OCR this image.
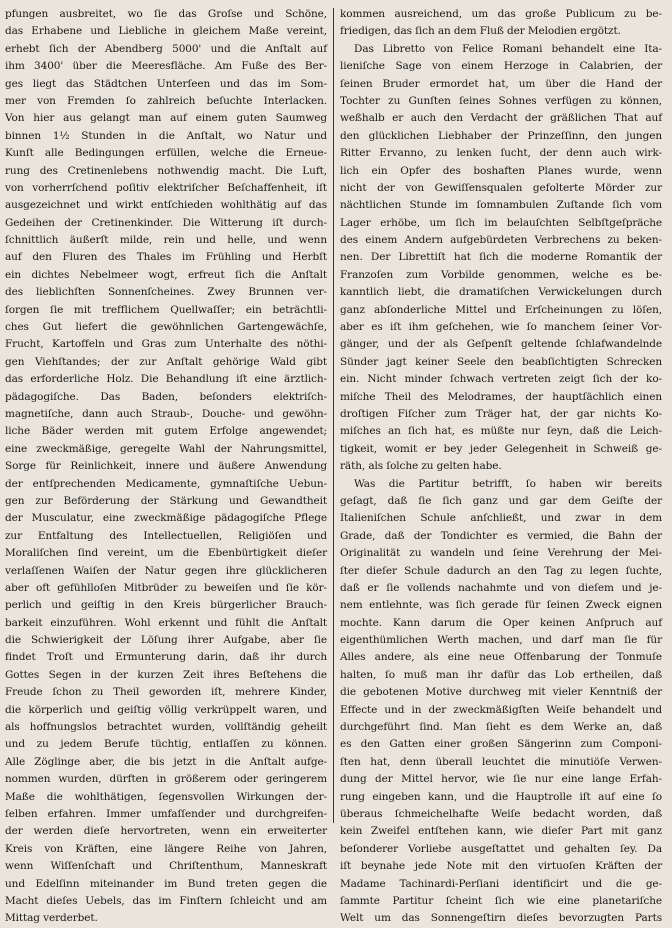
pfungen ausbreitet, wo ſie das Groſse und Schöne,
das Erhabene und Liebliche in gleichem Maße vereint,
erhebt ſich der Abendberg 5000' und die Anſtalt auf
ihm 3400' über die Meeresfläche. Am Fuße des Ber-
ges liegt das Städtchen Unterſeen und das im Som-
mer von Fremden ſo zahlreich beſuchte Interlacken.
Von hier aus gelangt man auf einem guten Saumweg
binnen 1½ Stunden in die Anſtalt, wo Natur und
Kunſt alle Bedingungen erfüllen, welche die Erneue-
rung des Cretinenlebens nothwendig macht. Die Luft,
von vorherrſchend poſitiv elektriſcher Beſchaffenheit, iſt
ausgezeichnet und wirkt entſchieden wohlthätig auf das
Gedeihen der Cretinenkinder. Die Witterung iſt durch-
ſchnittlich äußerſt milde, rein und helle, und wenn
auf den Fluren des Thales im Frühling und Herbſt
ein dichtes Nebelmeer wogt, erfreut ſich die Anſtalt
des lieblichſten Sonnenſcheines. Zwey Brunnen ver-
ſorgen ſie mit trefflichem Quellwaſſer; ein beträchtli-
ches Gut liefert die gewöhnlichen Gartengewächſe,
Frucht, Kartoffeln und Gras zum Unterhalte des nöthi-
gen Viehſtandes; der zur Anſtalt gehörige Wald gibt
das erforderliche Holz. Die Behandlung iſt eine ärztlich-
pädagogiſche. Das Baden, beſonders elektriſch-
magnetiſche, dann auch Straub-, Douche- und gewöhn-
liche Bäder werden mit gutem Erfolge angewendet;
eine zweckmäßige, geregelte Wahl der Nahrungsmittel,
Sorge für Reinlichkeit, innere und äußere Anwendung
der entſprechenden Medicamente, gymnaſtiſche Uebun-
gen zur Beförderung der Stärkung und Gewandtheit
der Musculatur, eine zweckmäßige pädagogiſche Pflege
zur Entfaltung des Intellectuellen, Religiöſen und
Moraliſchen ſind vereint, um die Ebenbürtigkeit dieſer
verlaſſenen Waiſen der Natur gegen ihre glücklicheren
aber oft gefühlloſen Mitbrüder zu beweiſen und ſie kör-
perlich und geiſtig in den Kreis bürgerlicher Brauch-
barkeit einzuführen. Wohl erkennt und fühlt die Anſtalt
die Schwierigkeit der Löſung ihrer Aufgabe, aber ſie
findet Troſt und Ermunterung darin, daß ihr durch
Gottes Segen in der kurzen Zeit ihres Beſtehens die
Freude ſchon zu Theil geworden iſt, mehrere Kinder,
die körperlich und geiſtig völlig verkrüppelt waren, und
als hoffnungslos betrachtet wurden, vollſtändig geheilt
und zu jedem Berufe tüchtig, entlaſſen zu können.
Alle Zöglinge aber, die bis jetzt in die Anſtalt aufge-
nommen wurden, dürften in größerem oder geringerem
Maße die wohlthätigen, ſegensvollen Wirkungen der-
ſelben erfahren. Immer umfaſſender und durchgreifen-
der werden dieſe hervortreten, wenn ein erweiterter
Kreis von Kräften, eine längere Reihe von Jahren,
wenn Wiſſenſchaft und Chriſtenthum, Manneskraft
und Edelſinn miteinander im Bund treten gegen die
Macht dieſes Uebels, das im Finſtern ſchleicht und am
Mittag verderbet.
kommen ausreichend, um das große Publicum zu be-
friedigen, das ſich an dem Fluß der Melodien ergötzt.
Das Libretto von Felice Romani behandelt eine Ita-
lieniſche Sage von einem Herzoge in Calabrien, der
ſeinen Bruder ermordet hat, um über die Hand der
Tochter zu Gunſten ſeines Sohnes verfügen zu können,
weßhalb er auch den Verdacht der gräßlichen That auf
den glücklichen Liebhaber der Prinzeſſinn, den jungen
Ritter Ervanno, zu lenken ſucht, der denn auch wirk-
lich ein Opfer des boshaften Planes wurde, wenn
nicht der von Gewiſſensqualen gefolterte Mörder zur
nächtlichen Stunde im ſomnambulen Zuſtande ſich vom
Lager erhöbe, um ſich im belauſchten Selbſtgeſpräche
des einem Andern aufgebürdeten Verbrechens zu beken-
nen. Der Librettiſt hat ſich die moderne Romantik der
Franzoſen zum Vorbilde genommen, welche es be-
kanntlich liebt, die dramatiſchen Verwickelungen durch
ganz abſonderliche Mittel und Erſcheinungen zu löſen,
aber es iſt ihm geſchehen, wie ſo manchem ſeiner Vor-
gänger, und der als Geſpenſt geltende ſchlafwandelnde
Sünder jagt keiner Seele den beabſichtigten Schrecken
ein. Nicht minder ſchwach vertreten zeigt ſich der ko-
miſche Theil des Melodrames, der hauptſächlich einen
droſtigen Fiſcher zum Träger hat, der gar nichts Ko-
miſches an ſich hat, es müßte nur ſeyn, daß die Leich-
tigkeit, womit er bey jeder Gelegenheit in Schweiß ge-
räth, als ſolche zu gelten habe.
Was die Partitur betrifft, ſo haben wir bereits
geſagt, daß ſie ſich ganz und gar dem Geiſte der
Italieniſchen Schule anſchließt, und zwar in dem
Grade, daß der Tondichter es vermied, die Bahn der
Originalität zu wandeln und ſeine Verehrung der Mei-
ſter dieſer Schule dadurch an den Tag zu legen ſuchte,
daß er ſie vollends nachahmte und von dieſem und je-
nem entlehnte, was ſich gerade für ſeinen Zweck eignen
mochte. Kann darum die Oper keinen Anſpruch auf
eigenthümlichen Werth machen, und darf man ſie für
Alles andere, als eine neue Offenbarung der Tonmuſe
halten, ſo muß man ihr dafür das Lob ertheilen, daß
die gebotenen Motive durchweg mit vieler Kenntniß der
Effecte und in der zweckmäßigſten Weiſe behandelt und
durchgeführt ſind. Man ſieht es dem Werke an, daß
es den Gatten einer großen Sängerinn zum Componi-
ſten hat, denn überall leuchtet die minutiöſe Verwen-
dung der Mittel hervor, wie ſie nur eine lange Erfah-
rung eingeben kann, und die Hauptrolle iſt auf eine ſo
überaus ſchmeichelhafte Weiſe bedacht worden, daß
kein Zweifel entſtehen kann, wie dieſer Part mit ganz
beſonderer Vorliebe ausgeſtattet und gehalten ſey. Da
iſt beynahe jede Note mit den virtuoſen Kräften der
Madame Tachinardi-Perſiani identificirt und die ge-
ſammte Partitur ſcheint ſich wie eine planetariſche
Welt um das Sonnengeſtirn dieſes bevorzugten Parts
